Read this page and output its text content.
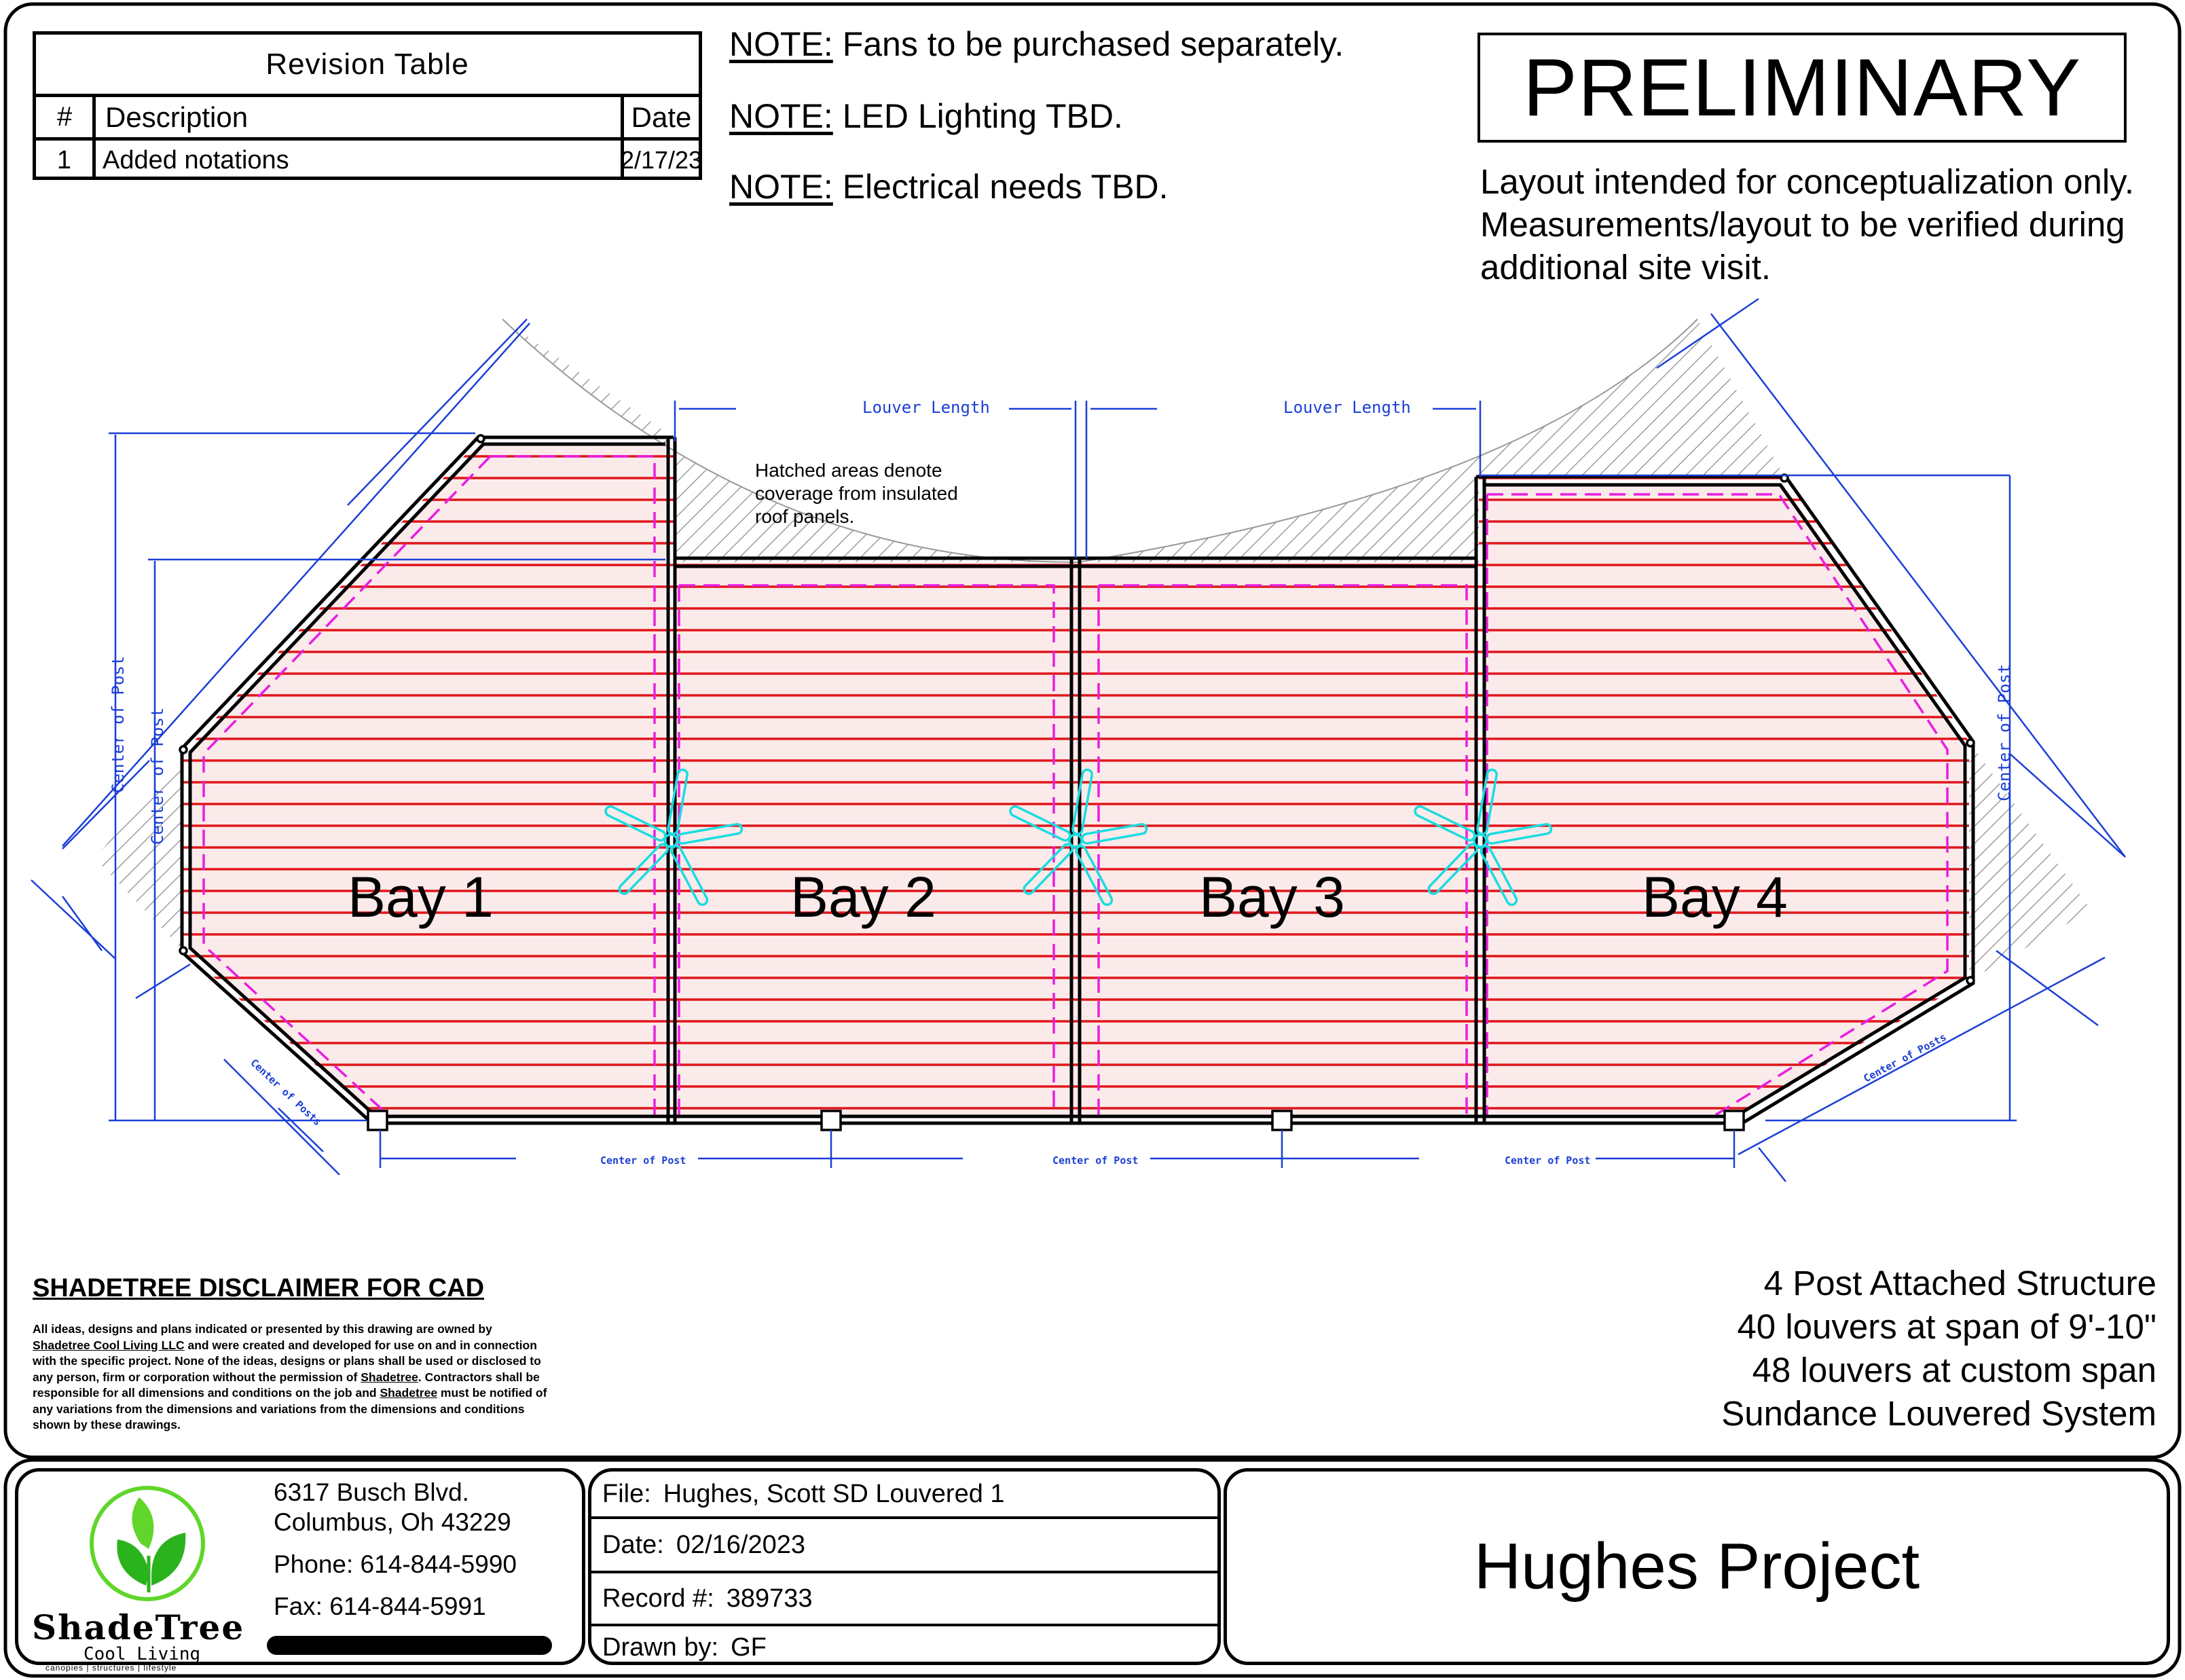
Revision Table
#	Description	Date
1	Added notations	2/17/23
NOTE: Fans to be purchased separately.
NOTE: LED Lighting TBD.
NOTE: Electrical needs TBD.
PRELIMINARY
Layout intended for conceptualization only. Measurements/layout to be verified during additional site visit.
Louver Length	Louver Length
Center of Post Center of Post	Center of Post
Center of Post	Center of Post	Center of Post
Center of Posts	Center of Posts
Hatched areas denote
coverage from insulated
roof panels.
Bay 1	Bay 2	Bay 3	Bay 4
SHADETREE DISCLAIMER FOR CAD
All ideas, designs and plans indicated or presented by this drawing are owned by Shadetree Cool Living LLC and were created and developed for use on and in connection with the specific project. None of the ideas, designs or plans shall be used or disclosed to any person, firm or corporation without the permission of Shadetree. Contractors shall be responsible for all dimensions and conditions on the job and Shadetree must be notified of any variations from the dimensions and variations from the dimensions and conditions shown by these drawings.
4 Post Attached Structure
40 louvers at span of 9'-10"
48 louvers at custom span
Sundance Louvered System
ShadeTree
Cool Living
canopies | structures | lifestyle
6317 Busch Blvd.
Columbus, Oh 43229
Phone: 614-844-5990
Fax: 614-844-5991
File: Hughes, Scott SD Louvered 1
Date: 02/16/2023
Record #: 389733
Drawn by: GF
Hughes Project
